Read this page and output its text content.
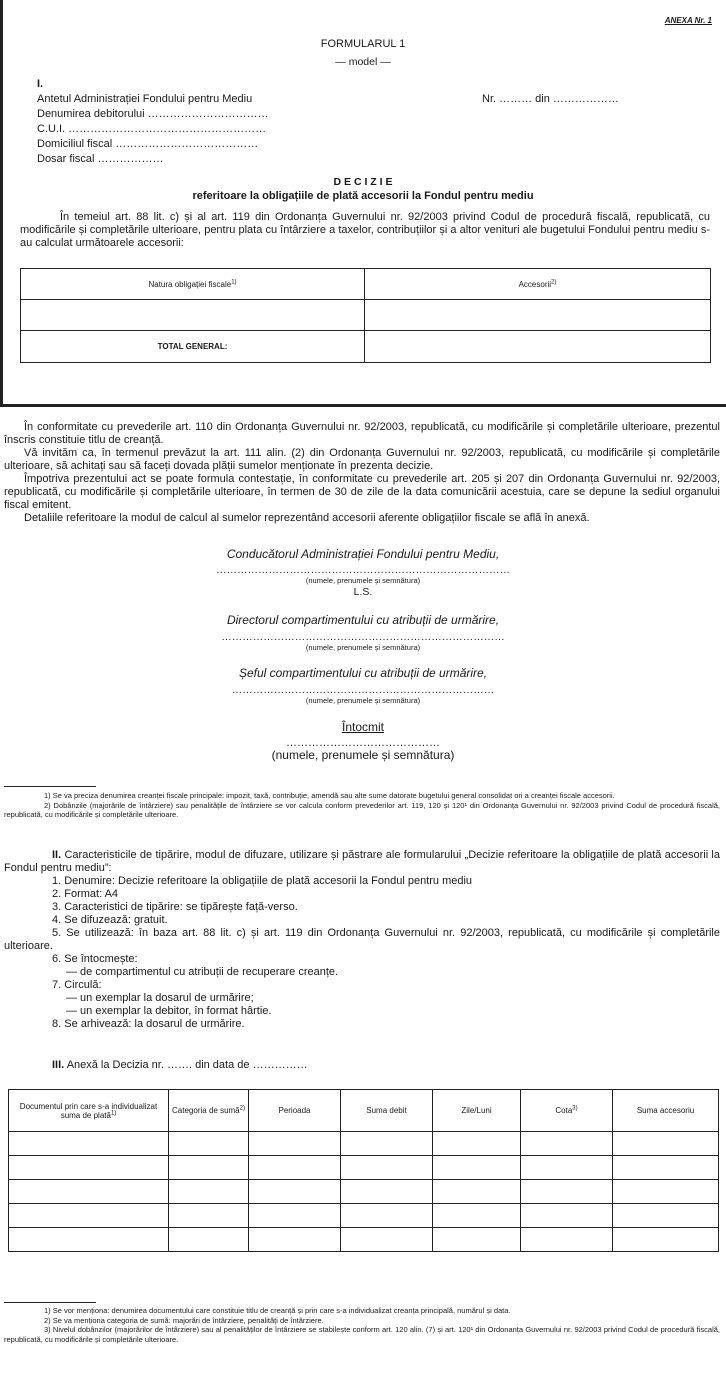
ANEXA Nr. 1
FORMULARUL 1
— model —
I.
Antetul Administrației Fondului pentru Mediu	Nr. ……… din ………………
Denumirea debitorului ……………………………
C.U.I. ………………………………………………
Domiciliul fiscal …………………………………
Dosar fiscal ………………
D E C I Z I E
referitoare la obligațiile de plată accesorii la Fondul pentru mediu
În temeiul art. 88 lit. c) și al art. 119 din Ordonanța Guvernului nr. 92/2003 privind Codul de procedură fiscală, republicată, cu modificările și completările ulterioare, pentru plata cu întârziere a taxelor, contribuțiilor și a altor venituri ale bugetului Fondului pentru mediu s-au calculat următoarele accesorii:
Natura obligației fiscale$^{1)}$	Accesorii$^{2)}$

TOTAL GENERAL:	

În conformitate cu prevederile art. 110 din Ordonanța Guvernului nr. 92/2003, republicată, cu modificările și completările ulterioare, prezentul înscris constituie titlu de creanță.

Vă invităm ca, în termenul prevăzut la art. 111 alin. (2) din Ordonanța Guvernului nr. 92/2003, republicată, cu modificările și completările ulterioare, să achitați sau să faceți dovada plății sumelor menționate în prezenta decizie.

Împotriva prezentului act se poate formula contestație, în conformitate cu prevederile art. 205 și 207 din Ordonanța Guvernului nr. 92/2003, republicată, cu modificările și completările ulterioare, în termen de 30 de zile de la data comunicării acestuia, care se depune la sediul organului fiscal emitent.

Detaliile referitoare la modul de calcul al sumelor reprezentând accesorii aferente obligațiilor fiscale se află în anexă.

Conducătorul Administrației Fondului pentru Mediu,
…………………………………………………………………………
(numele, prenumele și semnătura)
L.S.
Directorul compartimentului cu atribuții de urmărire,
………………………………………………………………………
(numele, prenumele și semnătura)
Șeful compartimentului cu atribuții de urmărire,
…………………………………………………………………
(numele, prenumele și semnătura)
Întocmit
……………………………………
(numele, prenumele și semnătura)

1) Se va preciza denumirea creanței fiscale principale: impozit, taxă, contribuție, amendă sau alte sume datorate bugetului general consolidat ori a creanței fiscale accesorii.

2) Dobânzile (majorările de întârziere) sau penalitățile de întârziere se vor calcula conform prevederilor art. 119, 120 și 120¹ din Ordonanța Guvernului nr. 92/2003 privind Codul de procedură fiscală, republicată, cu modificările și completările ulterioare.

II. Caracteristicile de tipărire, modul de difuzare, utilizare și păstrare ale formularului „Decizie referitoare la obligațiile de plată accesorii la Fondul pentru mediu”:

1. Denumire: Decizie referitoare la obligațiile de plată accesorii la Fondul pentru mediu

2. Format: A4

3. Caracteristici de tipărire: se tipărește față-verso.

4. Se difuzează: gratuit.

5. Se utilizează: în baza art. 88 lit. c) și art. 119 din Ordonanța Guvernului nr. 92/2003, republicată, cu modificările și completările ulterioare.

6. Se întocmește:

— de compartimentul cu atribuții de recuperare creanțe.

7. Circulă:

— un exemplar la dosarul de urmărire;

— un exemplar la debitor, în format hârtie.

8. Se arhivează: la dosarul de urmărire.

III. Anexă la Decizia nr. ……. din data de ……………
Documentul prin care s-a individualizat suma de plată$^{1)}$	Categoria de sumă$^{2)}$	Perioada	Suma debit	Zile/Luni	Cota$^{3)}$	Suma accesoriu

1) Se vor menționa: denumirea documentului care constituie titlu de creanță și prin care s-a individualizat creanța principală, numărul și data.

2) Se va menționa categoria de sumă: majorări de întârziere, penalități de întârziere.

3) Nivelul dobânzilor (majorărilor de întârziere) sau al penalităților de întârziere se stabilește conform art. 120 alin. (7) și art. 120¹ din Ordonanța Guvernului nr. 92/2003 privind Codul de procedură fiscală, republicată, cu modificările și completările ulterioare.
